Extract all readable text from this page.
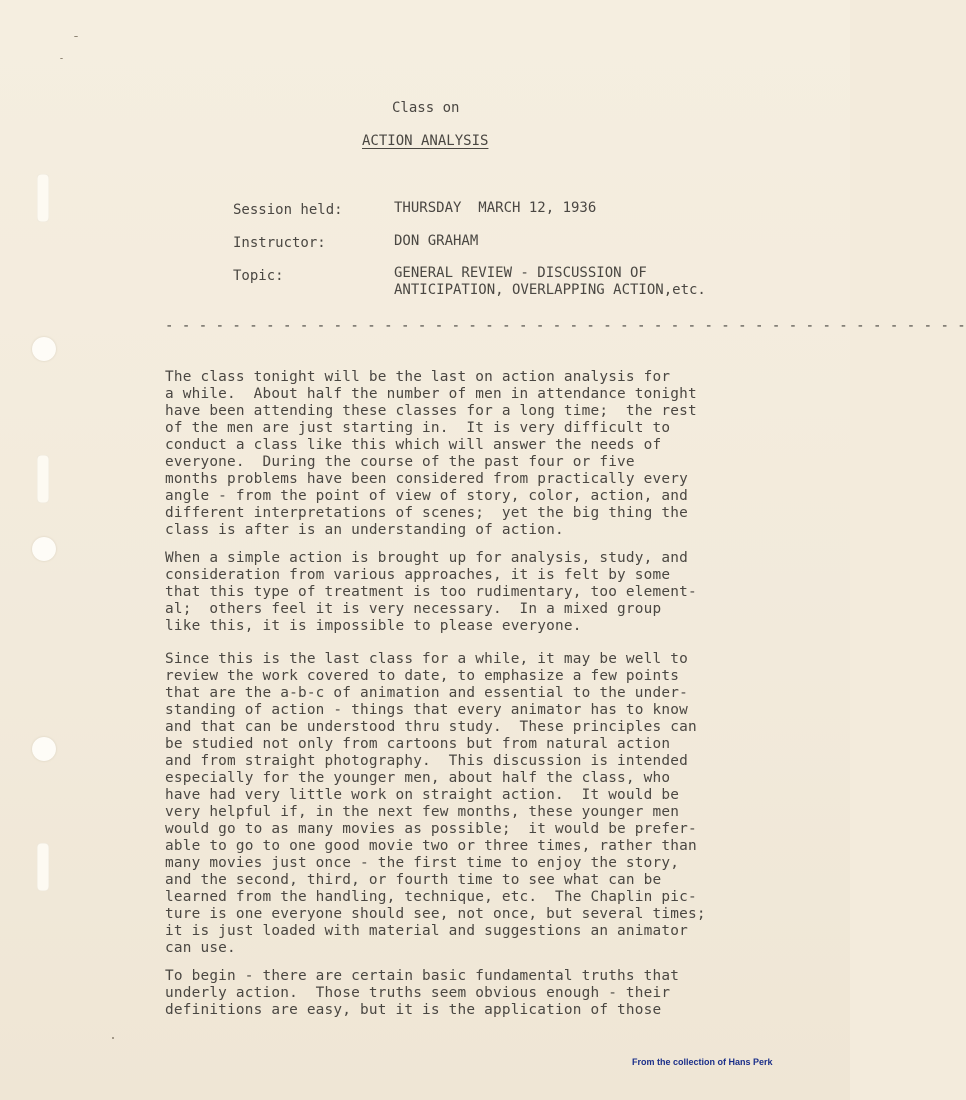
Class on
ACTION ANALYSIS
Session held:	THURSDAY  MARCH 12, 1936
Instructor:	DON GRAHAM
Topic:	GENERAL REVIEW - DISCUSSION OF
ANTICIPATION, OVERLAPPING ACTION,etc.
- - - - - - - - - - - - - - - - - - - - - - - - - - - - - - - - - - - - - - - - - - - - - - - -
The class tonight will be the last on action analysis for
a while.  About half the number of men in attendance tonight
have been attending these classes for a long time;  the rest
of the men are just starting in.  It is very difficult to
conduct a class like this which will answer the needs of
everyone.  During the course of the past four or five
months problems have been considered from practically every
angle - from the point of view of story, color, action, and
different interpretations of scenes;  yet the big thing the
class is after is an understanding of action.
When a simple action is brought up for analysis, study, and
consideration from various approaches, it is felt by some
that this type of treatment is too rudimentary, too element-
al;  others feel it is very necessary.  In a mixed group
like this, it is impossible to please everyone.
Since this is the last class for a while, it may be well to
review the work covered to date, to emphasize a few points
that are the a-b-c of animation and essential to the under-
standing of action - things that every animator has to know
and that can be understood thru study.  These principles can
be studied not only from cartoons but from natural action
and from straight photography.  This discussion is intended
especially for the younger men, about half the class, who
have had very little work on straight action.  It would be
very helpful if, in the next few months, these younger men
would go to as many movies as possible;  it would be prefer-
able to go to one good movie two or three times, rather than
many movies just once - the first time to enjoy the story,
and the second, third, or fourth time to see what can be
learned from the handling, technique, etc.  The Chaplin pic-
ture is one everyone should see, not once, but several times;
it is just loaded with material and suggestions an animator
can use.
To begin - there are certain basic fundamental truths that
underly action.  Those truths seem obvious enough - their
definitions are easy, but it is the application of those
From the collection of Hans Perk
